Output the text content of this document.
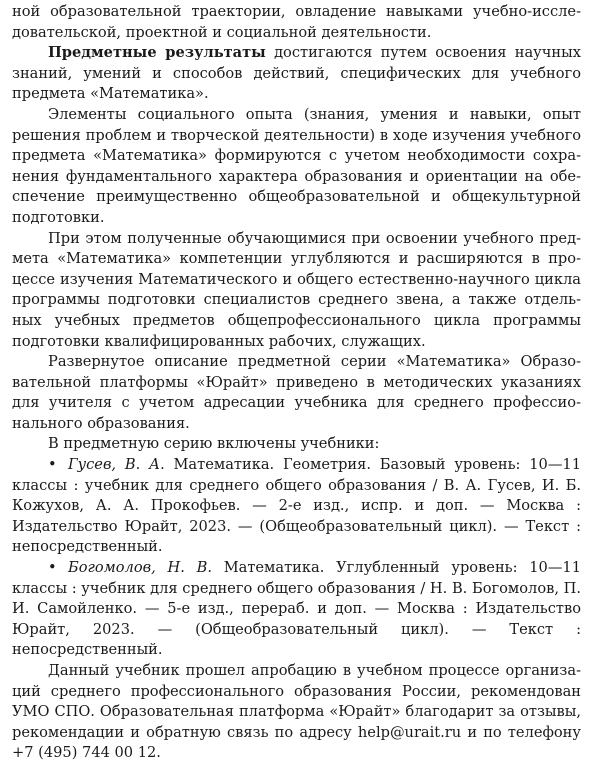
ной образовательной траектории, овладение навыками учебно-исследовательской, проектной и социальной деятельности.

Предметные результаты достигаются путем освоения научных знаний, умений и способов действий, специфических для учебного предмета «Математика».

Элементы социального опыта (знания, умения и навыки, опыт решения проблем и творческой деятельности) в ходе изучения учебного предмета «Математика» формируются с учетом необходимости сохранения фундаментального характера образования и ориентации на обеспечение преимущественно общеобразовательной и общекультурной подготовки.

При этом полученные обучающимися при освоении учебного предмета «Математика» компетенции углубляются и расширяются в процессе изучения Математического и общего естественно-научного цикла программы подготовки специалистов среднего звена, а также отдельных учебных предметов общепрофессионального цикла программы подготовки квалифицированных рабочих, служащих.

Развернутое описание предметной серии «Математика» Образовательной платформы «Юрайт» приведено в методических указаниях для учителя с учетом адресации учебника для среднего профессионального образования.

В предметную серию включены учебники:

• Гусев, В. А. Математика. Геометрия. Базовый уровень: 10—11 классы : учебник для среднего общего образования / В. А. Гусев, И. Б. Кожухов, А. А. Прокофьев. — 2-е изд., испр. и доп. — Москва : Издательство Юрайт, 2023. — (Общеобразовательный цикл). — Текст : непосредственный.

• Богомолов, Н. В. Математика. Углубленный уровень: 10—11 классы : учебник для среднего общего образования / Н. В. Богомолов, П. И. Самойленко. — 5-е изд., перераб. и доп. — Москва : Издательство Юрайт, 2023. — (Общеобразовательный цикл). — Текст : непосредственный.

Данный учебник прошел апробацию в учебном процессе организаций среднего профессионального образования России, рекомендован УМО СПО. Образовательная платформа «Юрайт» благодарит за отзывы, рекомендации и обратную связь по адресу help@urait.ru и по телефону +7 (495) 744 00 12.
